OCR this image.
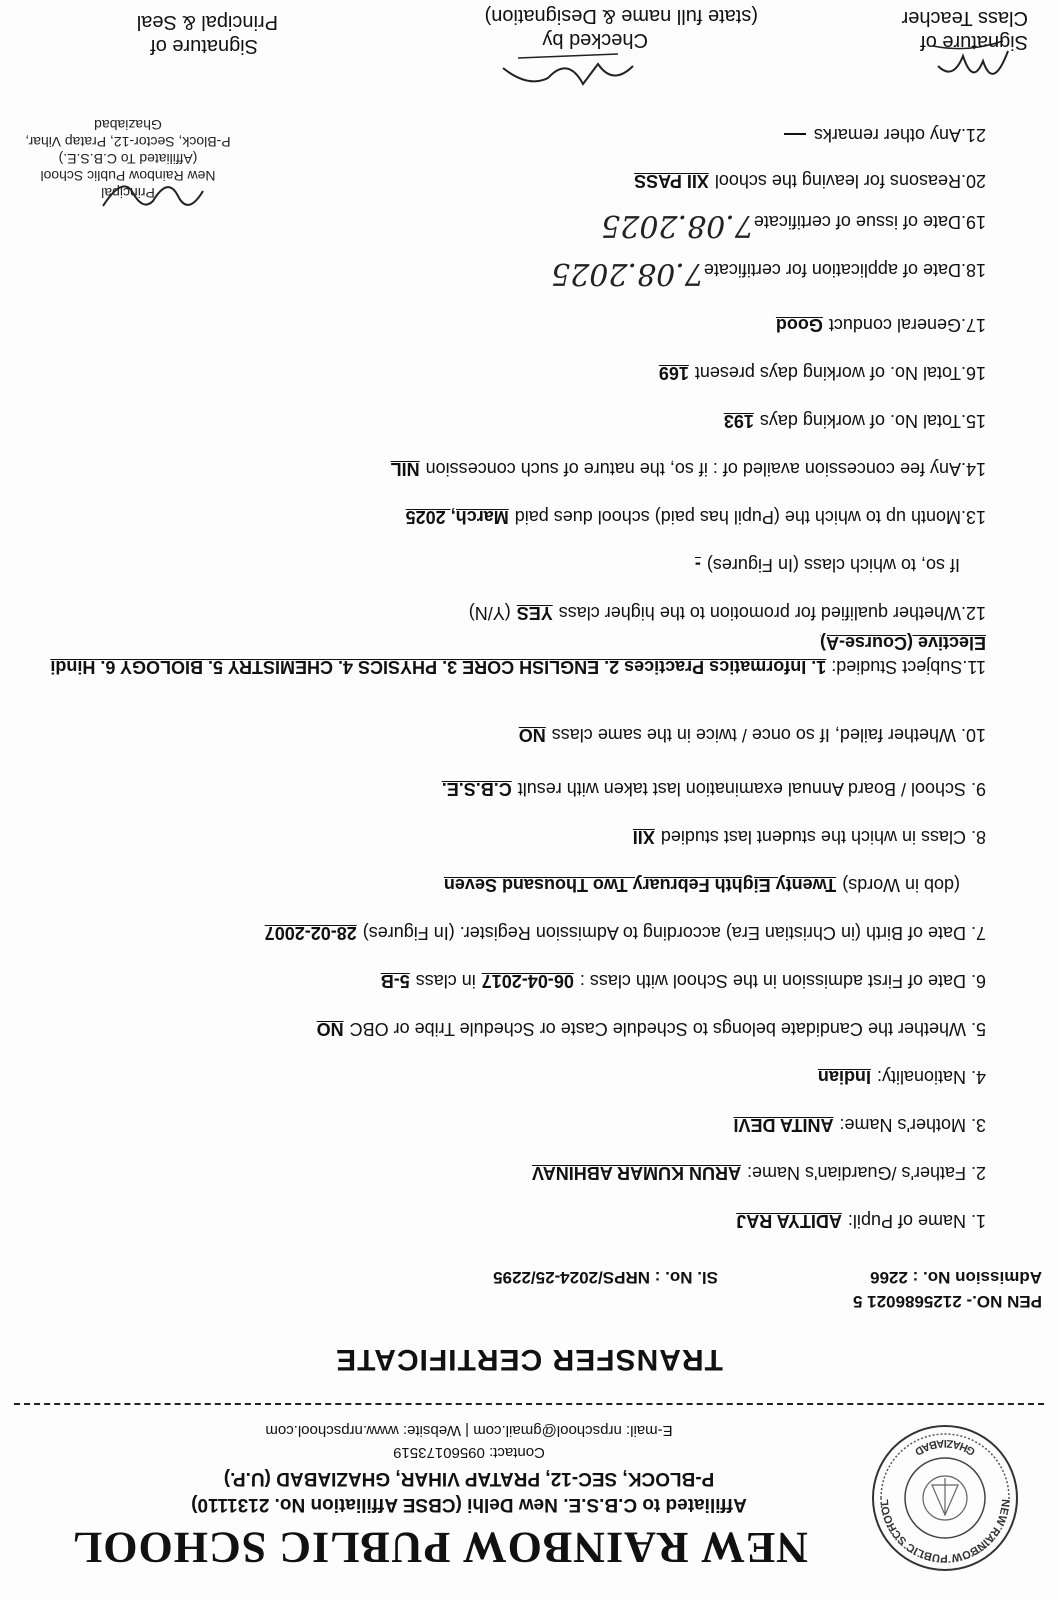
NEW RAINBOW PUBLIC SCHOOL
GHAZIABAD
NEW RAINBOW PUBLIC SCHOOL
Affiliated to C.B.S.E. New Delhi (CBSE Affiliation No. 2131110)
P-BLOCK, SEC-12, PRATAP VIHAR, GHAZIABAD (U.P.)
Contact: 09560173519
E-mail: nrpschool@gmail.com | Website: www.nrpschool.com
TRANSFER CERTIFICATE
PEN NO.- 2125686021 5
Admission No. : 2266
Sl. No. : NRPS/2024-25/2295
1. Name of Pupil:ADITYA RAJ
2. Father's /Guardian's Name:ARUN KUMAR ABHINAV
3. Mother's Name:ANITA DEVI
4. Nationality:Indian
5. Whether the Candidate belongs to Schedule Caste or Schedule Tribe or OBCNO
6. Date of First admission in the School with class :06-04-2017in class5-B
7. Date of Birth (in Christian Era) according to Admission Register. (In Figures)28-02-2007
(dob in Words)Twenty Eighth February Two Thousand Seven
8. Class in which the student last studiedXII
9. School / Board Annual examination last taken with resultC.B.S.E.
10. Whether failed, If so once / twice in the same classNO
11.Subject Studied: 1. Informatics Practices 2. ENGLISH CORE 3. PHYSICS 4. CHEMISTRY 5. BIOLOGY 6. Hindi Elective (Course-A)
12.Whether qualified for promotion to the higher classYES(Y/N)
If so, to which class (In Figures)-
13.Month up to which the (Pupil has paid) school dues paidMarch, 2025
14.Any fee concession availed of : if so, the nature of such concessionNIL
15.Total No. of working days193
16.Total No. of working days present169
17.General conductGood
18.Date of application for certificate7.08.2025
19.Date of issue of certificate7.08.2025
20.Reasons for leaving the schoolXII PASS
21.Any other remarks
Principal
New Rainbow Public School
(Affiliated To C.B.S.E.)
P-Block, Sector-12, Pratap Vihar,
Ghaziabad
Signature of
Principal & Seal
Checked by
(state full name & Designation)
Signature of
Class Teacher
